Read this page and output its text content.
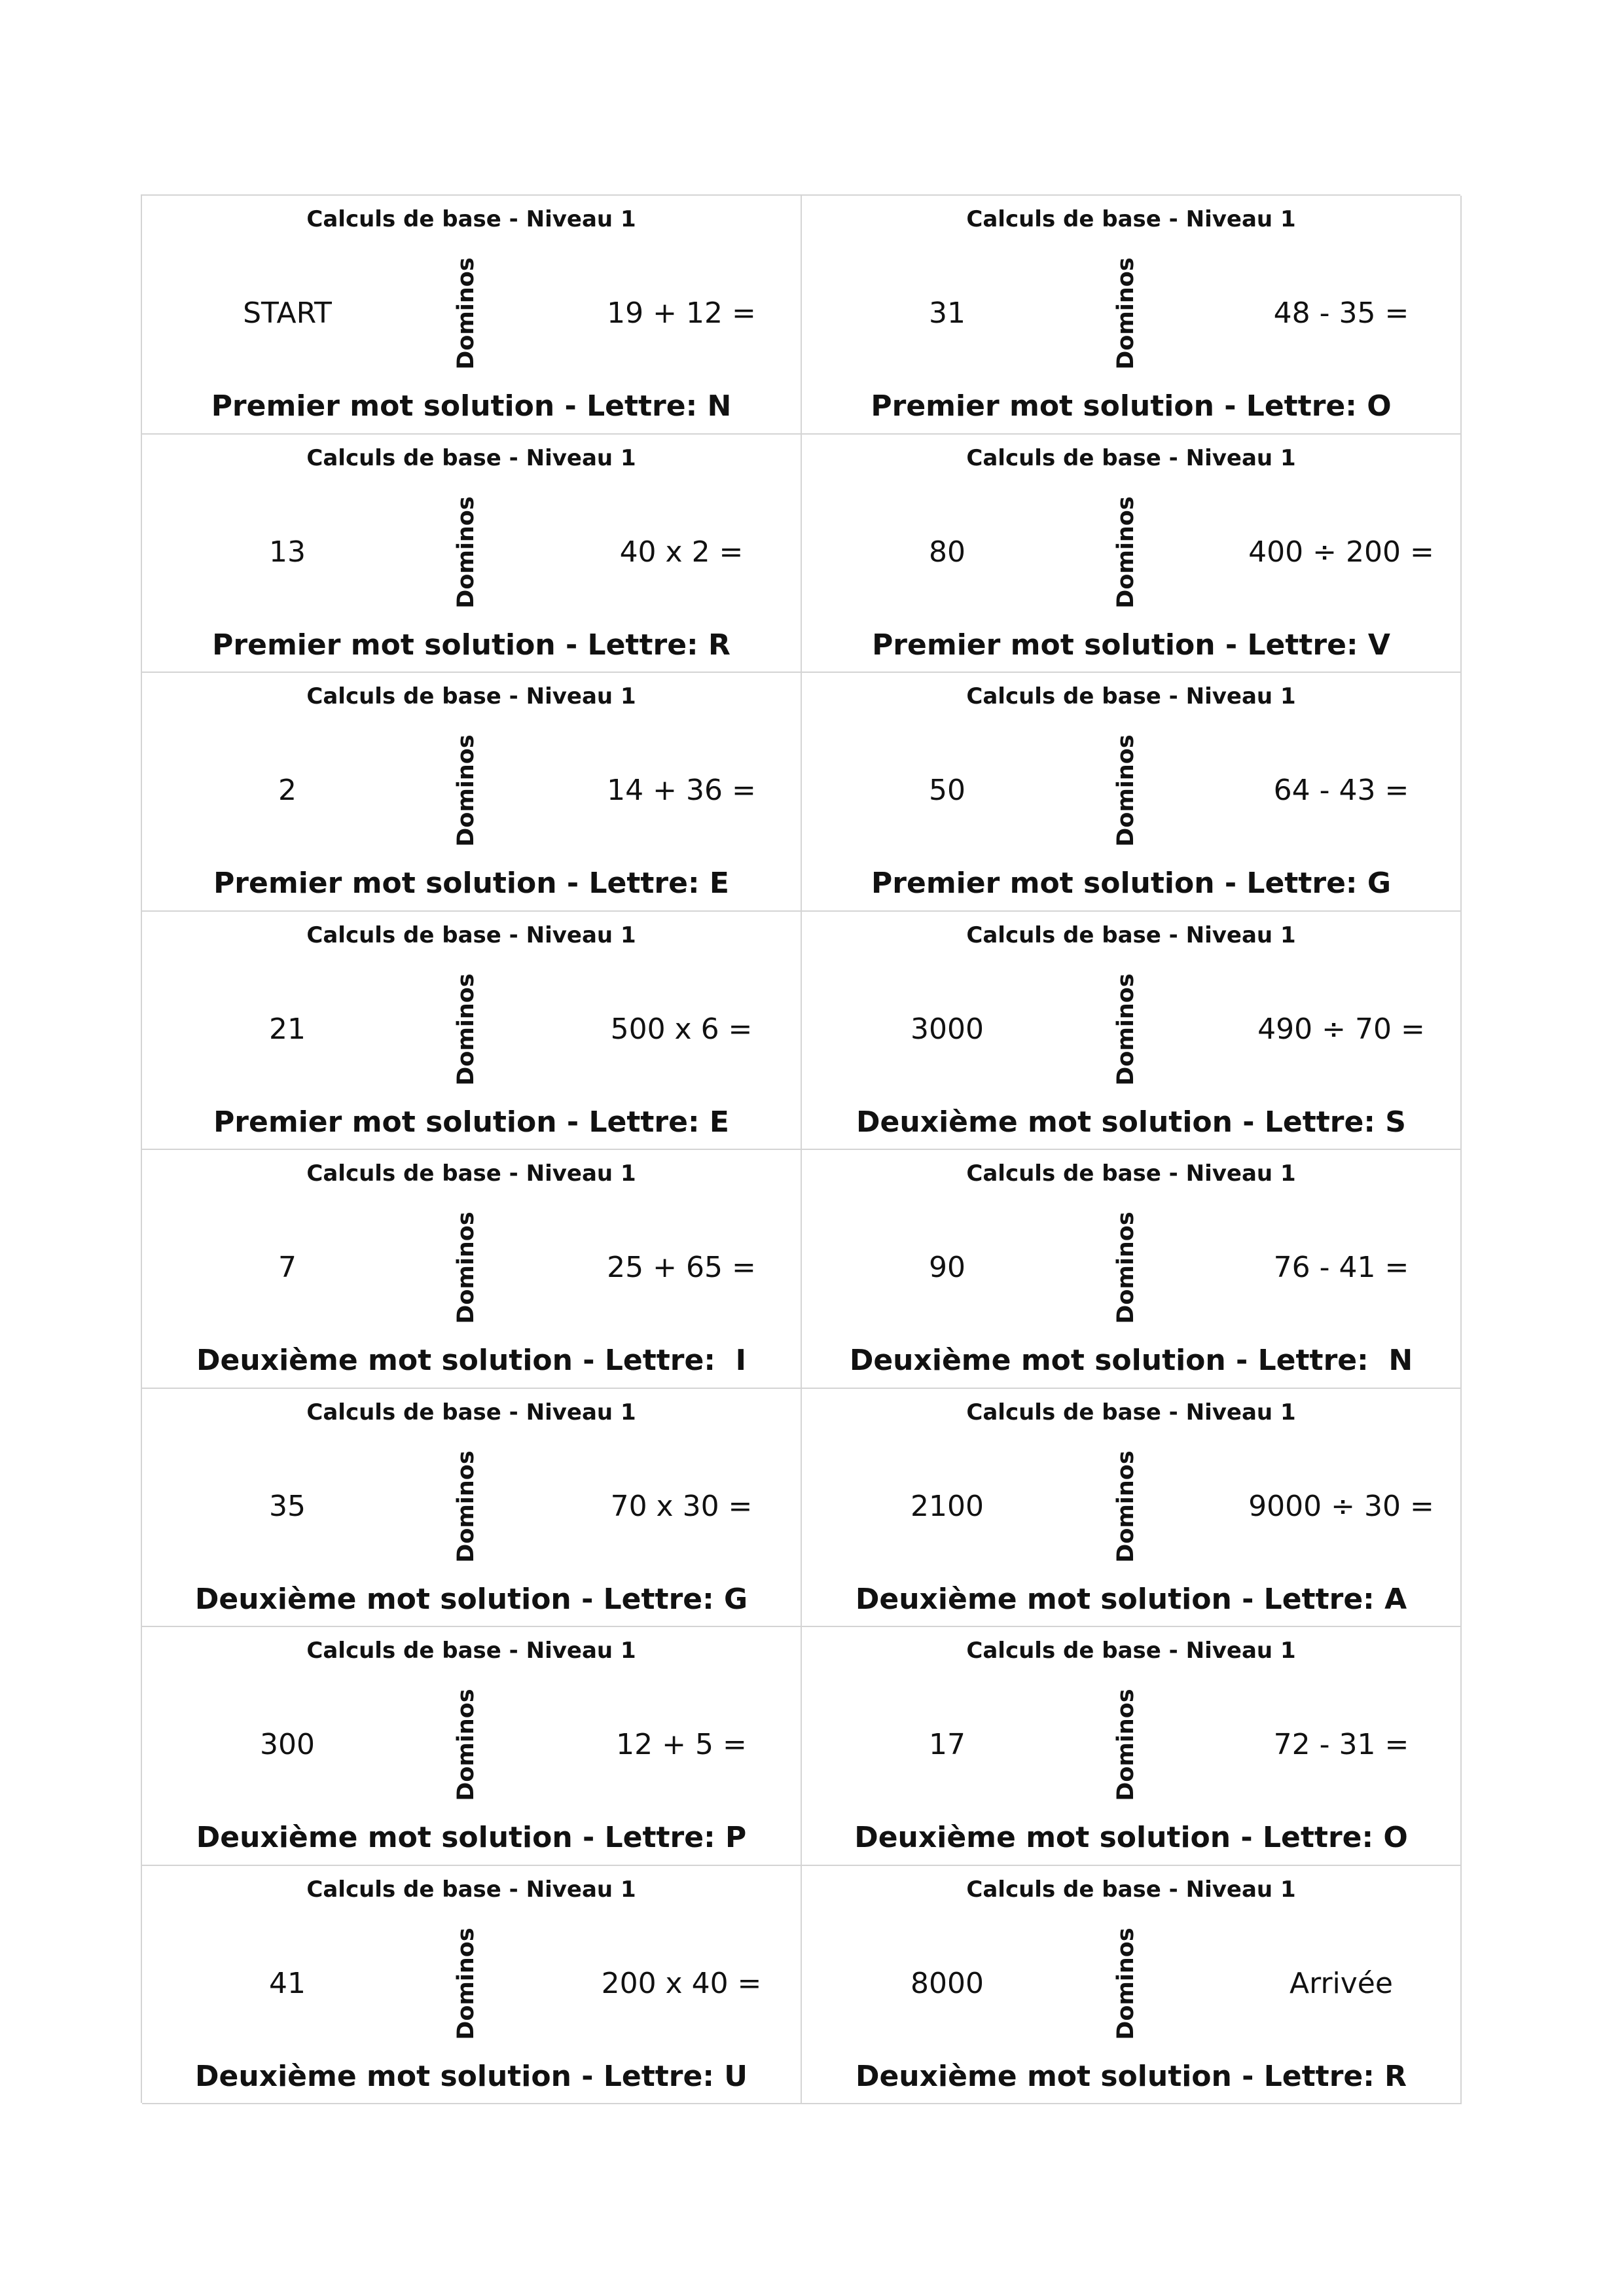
Calculs de base - Niveau 1
START	Dominos	19 + 12 =
Premier mot solution - Lettre: N
Calculs de base - Niveau 1
31	Dominos	48 - 35 =
Premier mot solution - Lettre: O
Calculs de base - Niveau 1
13	Dominos	40 x 2 =
Premier mot solution - Lettre: R
Calculs de base - Niveau 1
80	Dominos	400 ÷ 200 =
Premier mot solution - Lettre: V
Calculs de base - Niveau 1
2	Dominos	14 + 36 =
Premier mot solution - Lettre: E
Calculs de base - Niveau 1
50	Dominos	64 - 43 =
Premier mot solution - Lettre: G
Calculs de base - Niveau 1
21	Dominos	500 x 6 =
Premier mot solution - Lettre: E
Calculs de base - Niveau 1
3000	Dominos	490 ÷ 70 =
Deuxième mot solution - Lettre: S
Calculs de base - Niveau 1
7	Dominos	25 + 65 =
Deuxième mot solution - Lettre:  I
Calculs de base - Niveau 1
90	Dominos	76 - 41 =
Deuxième mot solution - Lettre:  N
Calculs de base - Niveau 1
35	Dominos	70 x 30 =
Deuxième mot solution - Lettre: G
Calculs de base - Niveau 1
2100	Dominos	9000 ÷ 30 =
Deuxième mot solution - Lettre: A
Calculs de base - Niveau 1
300	Dominos	12 + 5 =
Deuxième mot solution - Lettre: P
Calculs de base - Niveau 1
17	Dominos	72 - 31 =
Deuxième mot solution - Lettre: O
Calculs de base - Niveau 1
41	Dominos	200 x 40 =
Deuxième mot solution - Lettre: U
Calculs de base - Niveau 1
8000	Dominos	Arrivée
Deuxième mot solution - Lettre: R
